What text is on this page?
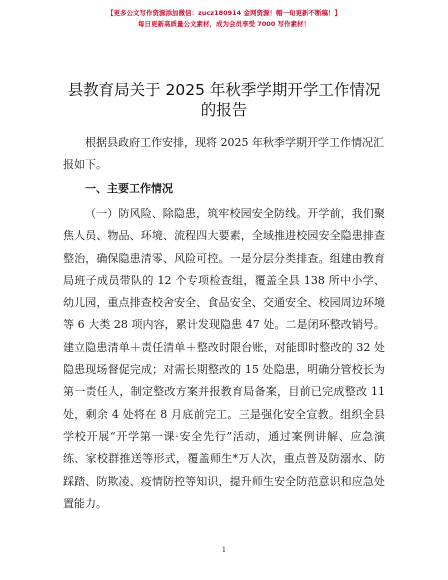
【更多公文写作资源添加微信：zucz180914 金网资源！帽一旬更新不断稿！】
每日更新高质量公文素材，成为会员享受 7000 写作素材！
县教育局关于 2025 年秋季学期开学工作情况的报告
根据县政府工作安排，现将 2025 年秋季学期开学工作情况汇报如下。
一、主要工作情况
（一）防风险、除隐患，筑牢校园安全防线。开学前，我们聚焦人员、物品、环境、流程四大要素，全域推进校园安全隐患排查整治，确保隐患清零、风险可控。一是分层分类排查。组建由教育局班子成员带队的 12 个专项检查组，覆盖全县 138 所中小学、幼儿园，重点排查校舍安全、食品安全、交通安全、校园周边环境等 6 大类 28 项内容，累计发现隐患 47 处。二是闭环整改销号。建立隐患清单＋责任清单＋整改时限台账，对能即时整改的 32 处隐患现场督促完成；对需长期整改的 15 处隐患，明确分管校长为第一责任人，制定整改方案并报教育局备案，目前已完成整改 11 处，剩余 4 处将在 8 月底前完工。三是强化安全宣教。组织全县学校开展“开学第一课·安全先行”活动，通过案例讲解、应急演练、家校群推送等形式，覆盖师生*万人次，重点普及防溺水、防踩踏、防欺凌、疫情防控等知识，提升师生安全防范意识和应急处置能力。
1
